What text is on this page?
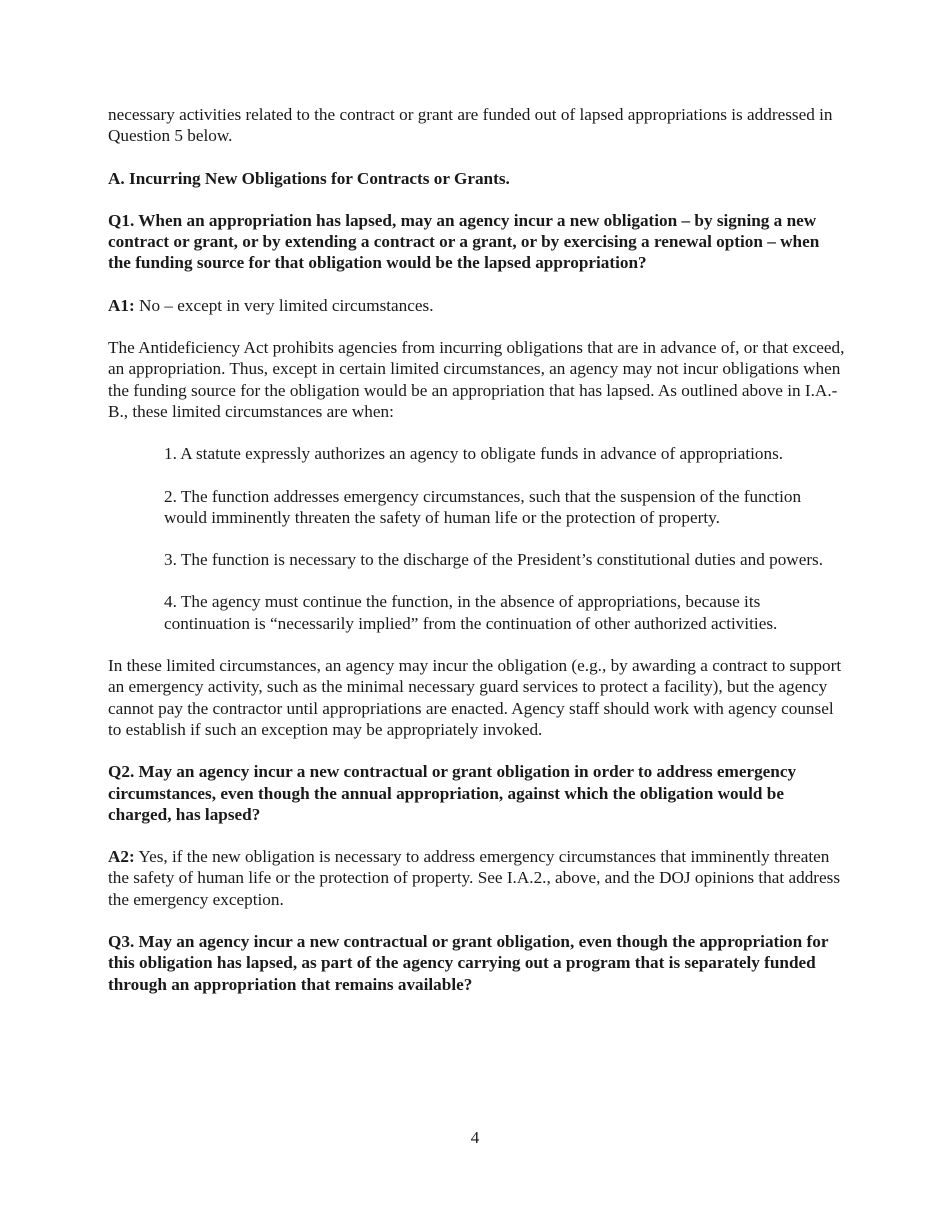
necessary activities related to the contract or grant are funded out of lapsed appropriations is addressed in Question 5 below.

A. Incurring New Obligations for Contracts or Grants.

Q1. When an appropriation has lapsed, may an agency incur a new obligation – by signing a new contract or grant, or by extending a contract or a grant, or by exercising a renewal option – when the funding source for that obligation would be the lapsed appropriation?

A1: No – except in very limited circumstances.

The Antideficiency Act prohibits agencies from incurring obligations that are in advance of, or that exceed, an appropriation. Thus, except in certain limited circumstances, an agency may not incur obligations when the funding source for the obligation would be an appropriation that has lapsed. As outlined above in I.A.-B., these limited circumstances are when:

1. A statute expressly authorizes an agency to obligate funds in advance of appropriations.

2. The function addresses emergency circumstances, such that the suspension of the function would imminently threaten the safety of human life or the protection of property.

3. The function is necessary to the discharge of the President’s constitutional duties and powers.

4. The agency must continue the function, in the absence of appropriations, because its continuation is “necessarily implied” from the continuation of other authorized activities.

In these limited circumstances, an agency may incur the obligation (e.g., by awarding a contract to support an emergency activity, such as the minimal necessary guard services to protect a facility), but the agency cannot pay the contractor until appropriations are enacted. Agency staff should work with agency counsel to establish if such an exception may be appropriately invoked.

Q2. May an agency incur a new contractual or grant obligation in order to address emergency circumstances, even though the annual appropriation, against which the obligation would be charged, has lapsed?

A2: Yes, if the new obligation is necessary to address emergency circumstances that imminently threaten the safety of human life or the protection of property. See I.A.2., above, and the DOJ opinions that address the emergency exception.

Q3. May an agency incur a new contractual or grant obligation, even though the appropriation for this obligation has lapsed, as part of the agency carrying out a program that is separately funded through an appropriation that remains available?

4
